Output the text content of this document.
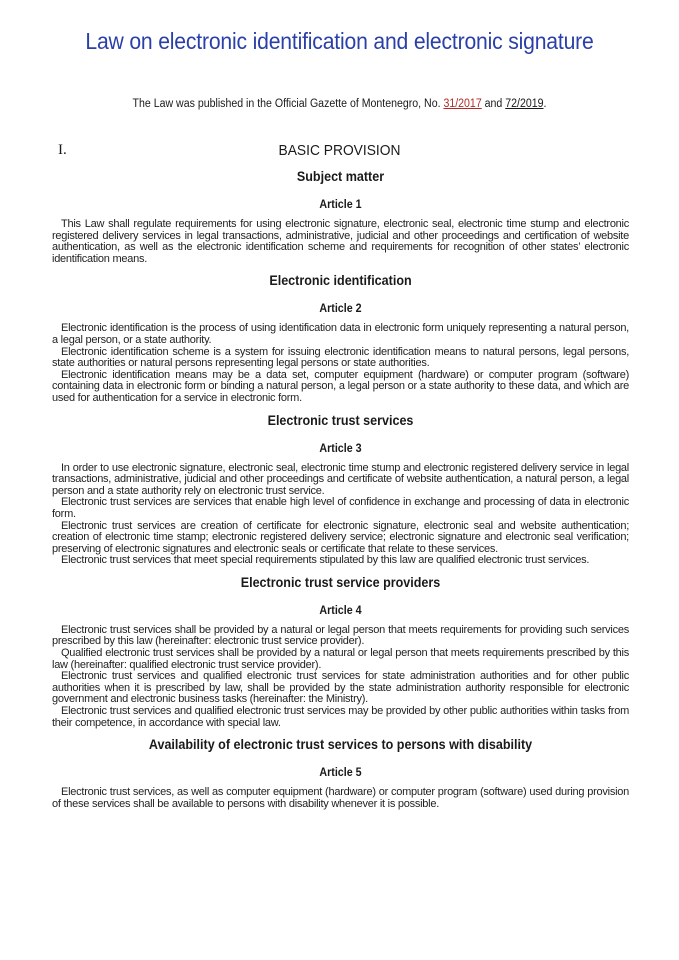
Law on electronic identification and electronic signature
The Law was published in the Official Gazette of Montenegro, No. 31/2017 and 72/2019.
I.	BASIC PROVISION
Subject matter
Article 1

This Law shall regulate requirements for using electronic signature, electronic seal, electronic time stump and electronic registered delivery services in legal transactions, administrative, judicial and other proceedings and certification of website authentication, as well as the electronic identification scheme and requirements for recognition of other states’ electronic identification means.

Electronic identification
Article 2

Electronic identification is the process of using identification data in electronic form uniquely representing a natural person, a legal person, or a state authority.

Electronic identification scheme is a system for issuing electronic identification means to natural persons, legal persons, state authorities or natural persons representing legal persons or state authorities.

Electronic identification means may be a data set, computer equipment (hardware) or computer program (software) containing data in electronic form or binding a natural person, a legal person or a state authority to these data, and which are used for authentication for a service in electronic form.

Electronic trust services
Article 3

In order to use electronic signature, electronic seal, electronic time stump and electronic registered delivery service in legal transactions, administrative, judicial and other proceedings and certificate of website authentication, a natural person, a legal person and a state authority rely on electronic trust service.

Electronic trust services are services that enable high level of confidence in exchange and processing of data in electronic form.

Electronic trust services are creation of certificate for electronic signature, electronic seal and website authentication; creation of electronic time stamp; electronic registered delivery service; electronic signature and electronic seal verification; preserving of electronic signatures and electronic seals or certificate that relate to these services.

Electronic trust services that meet special requirements stipulated by this law are qualified electronic trust services.

Electronic trust service providers
Article 4

Electronic trust services shall be provided by a natural or legal person that meets requirements for providing such services prescribed by this law (hereinafter: electronic trust service provider).

Qualified electronic trust services shall be provided by a natural or legal person that meets requirements prescribed by this law (hereinafter: qualified electronic trust service provider).

Electronic trust services and qualified electronic trust services for state administration authorities and for other public authorities when it is prescribed by law, shall be provided by the state administration authority responsible for electronic government and electronic business tasks (hereinafter: the Ministry).

Electronic trust services and qualified electronic trust services may be provided by other public authorities within tasks from their competence, in accordance with special law.

Availability of electronic trust services to persons with disability
Article 5

Electronic trust services, as well as computer equipment (hardware) or computer program (software) used during provision of these services shall be available to persons with disability whenever it is possible.
